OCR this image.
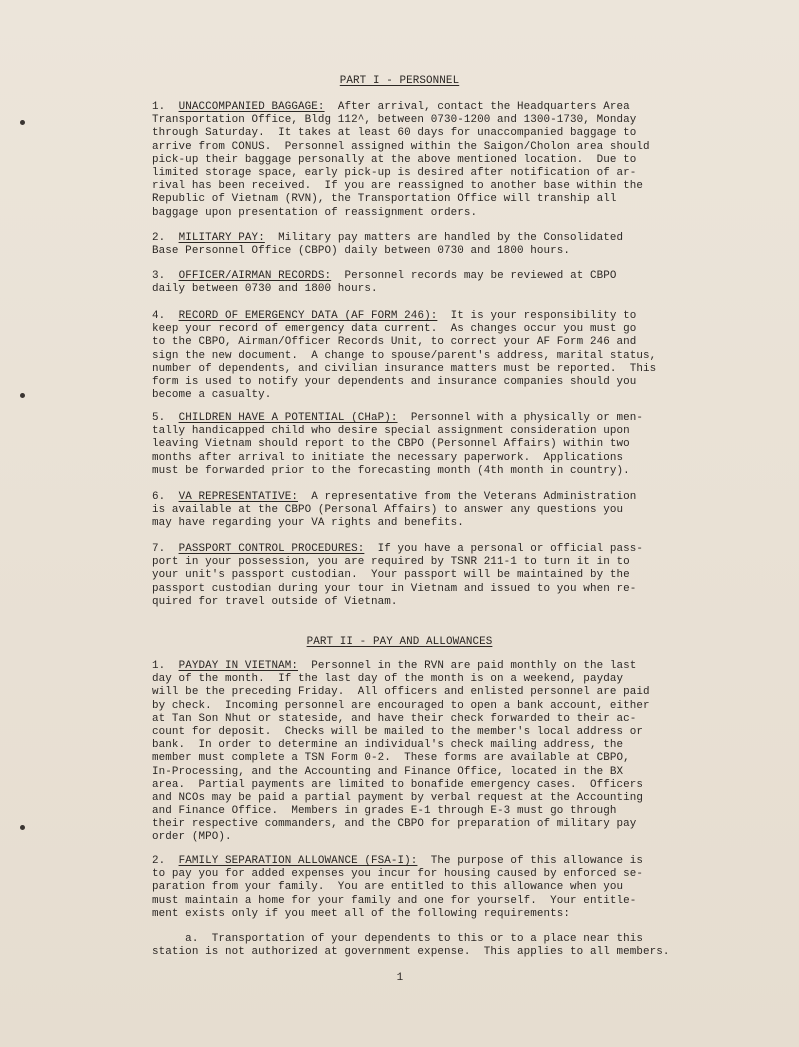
PART I - PERSONNEL
1. UNACCOMPANIED BAGGAGE:  After arrival, contact the Headquarters Area
Transportation Office, Bldg 112^, between 0730-1200 and 1300-1730, Monday
through Saturday.  It takes at least 60 days for unaccompanied baggage to
arrive from CONUS.  Personnel assigned within the Saigon/Cholon area should
pick-up their baggage personally at the above mentioned location.  Due to
limited storage space, early pick-up is desired after notification of ar-
rival has been received.  If you are reassigned to another base within the
Republic of Vietnam (RVN), the Transportation Office will tranship all
baggage upon presentation of reassignment orders.
2. MILITARY PAY:  Military pay matters are handled by the Consolidated
Base Personnel Office (CBPO) daily between 0730 and 1800 hours.
3. OFFICER/AIRMAN RECORDS:  Personnel records may be reviewed at CBPO
daily between 0730 and 1800 hours.
4. RECORD OF EMERGENCY DATA (AF FORM 246):  It is your responsibility to
keep your record of emergency data current.  As changes occur you must go
to the CBPO, Airman/Officer Records Unit, to correct your AF Form 246 and
sign the new document.  A change to spouse/parent's address, marital status,
number of dependents, and civilian insurance matters must be reported.  This
form is used to notify your dependents and insurance companies should you
become a casualty.
5. CHILDREN HAVE A POTENTIAL (CHaP):  Personnel with a physically or men-
tally handicapped child who desire special assignment consideration upon
leaving Vietnam should report to the CBPO (Personnel Affairs) within two
months after arrival to initiate the necessary paperwork.  Applications
must be forwarded prior to the forecasting month (4th month in country).
6. VA REPRESENTATIVE:  A representative from the Veterans Administration
is available at the CBPO (Personal Affairs) to answer any questions you
may have regarding your VA rights and benefits.
7. PASSPORT CONTROL PROCEDURES:  If you have a personal or official pass-
port in your possession, you are required by TSNR 211-1 to turn it in to
your unit's passport custodian.  Your passport will be maintained by the
passport custodian during your tour in Vietnam and issued to you when re-
quired for travel outside of Vietnam.
PART II - PAY AND ALLOWANCES
1. PAYDAY IN VIETNAM:  Personnel in the RVN are paid monthly on the last
day of the month.  If the last day of the month is on a weekend, payday
will be the preceding Friday.  All officers and enlisted personnel are paid
by check.  Incoming personnel are encouraged to open a bank account, either
at Tan Son Nhut or stateside, and have their check forwarded to their ac-
count for deposit.  Checks will be mailed to the member's local address or
bank.  In order to determine an individual's check mailing address, the
member must complete a TSN Form 0-2.  These forms are available at CBPO,
In-Processing, and the Accounting and Finance Office, located in the BX
area.  Partial payments are limited to bonafide emergency cases.  Officers
and NCOs may be paid a partial payment by verbal request at the Accounting
and Finance Office.  Members in grades E-1 through E-3 must go through
their respective commanders, and the CBPO for preparation of military pay
order (MPO).
2. FAMILY SEPARATION ALLOWANCE (FSA-I):  The purpose of this allowance is
to pay you for added expenses you incur for housing caused by enforced se-
paration from your family.  You are entitled to this allowance when you
must maintain a home for your family and one for yourself.  Your entitle-
ment exists only if you meet all of the following requirements:
a.  Transportation of your dependents to this or to a place near this
station is not authorized at government expense.  This applies to all members.
1
